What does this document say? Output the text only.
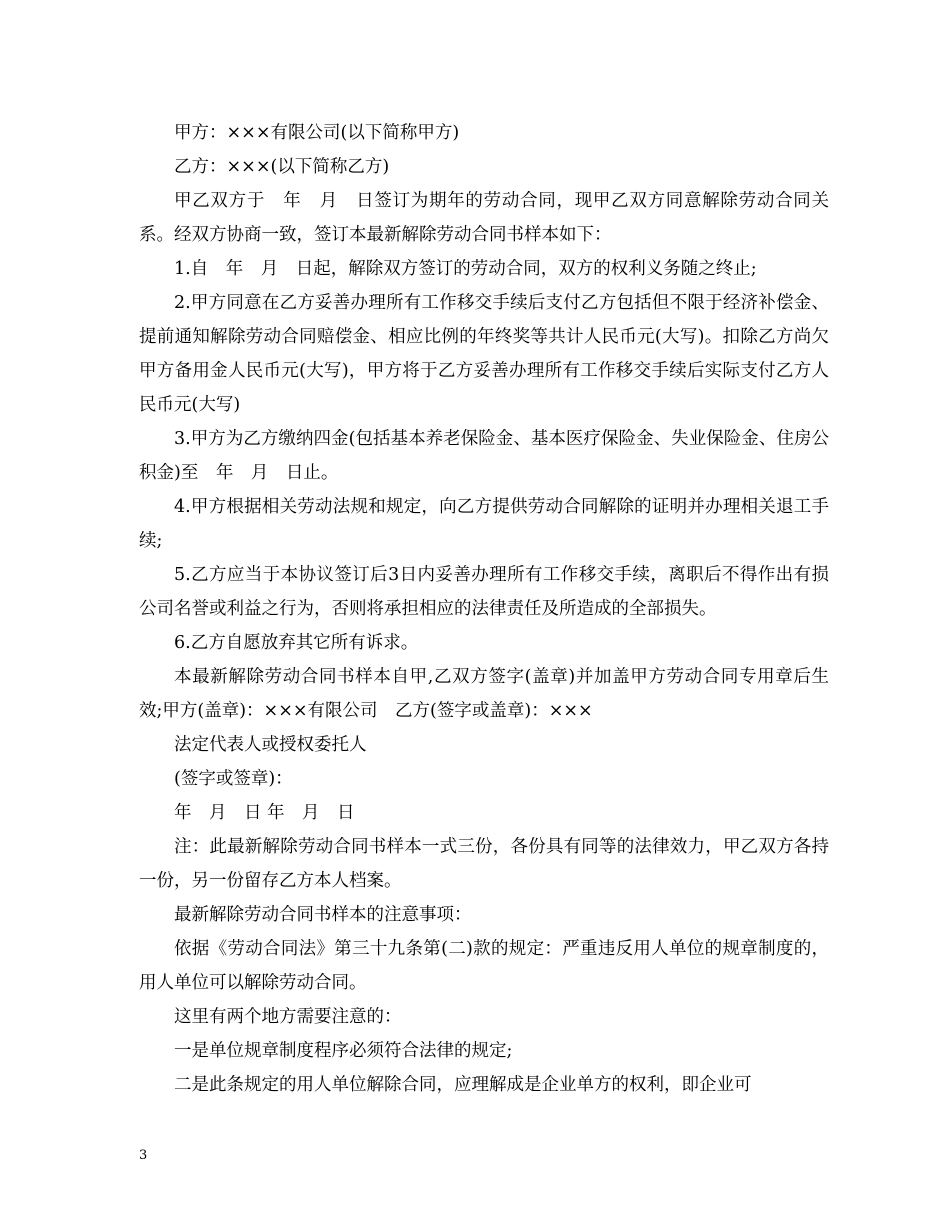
甲方：×××有限公司(以下简称甲方)

乙方：×××(以下简称乙方)

甲乙双方于　年　月　日签订为期年的劳动合同，现甲乙双方同意解除劳动合同关系。经双方协商一致，签订本最新解除劳动合同书样本如下：

1.自　年　月　日起，解除双方签订的劳动合同，双方的权利义务随之终止;

2.甲方同意在乙方妥善办理所有工作移交手续后支付乙方包括但不限于经济补偿金、提前通知解除劳动合同赔偿金、相应比例的年终奖等共计人民币元(大写)。扣除乙方尚欠甲方备用金人民币元(大写)，甲方将于乙方妥善办理所有工作移交手续后实际支付乙方人民币元(大写)

3.甲方为乙方缴纳四金(包括基本养老保险金、基本医疗保险金、失业保险金、住房公积金)至　年　月　日止。

4.甲方根据相关劳动法规和规定，向乙方提供劳动合同解除的证明并办理相关退工手续;

5.乙方应当于本协议签订后3日内妥善办理所有工作移交手续，离职后不得作出有损公司名誉或利益之行为，否则将承担相应的法律责任及所造成的全部损失。

6.乙方自愿放弃其它所有诉求。

本最新解除劳动合同书样本自甲,乙双方签字(盖章)并加盖甲方劳动合同专用章后生效;甲方(盖章)：×××有限公司　乙方(签字或盖章)：×××

法定代表人或授权委托人

(签字或签章)：

年　月　日 年　月　日

注：此最新解除劳动合同书样本一式三份，各份具有同等的法律效力，甲乙双方各持一份，另一份留存乙方本人档案。

最新解除劳动合同书样本的注意事项：

依据《劳动合同法》第三十九条第(二)款的规定：严重违反用人单位的规章制度的，用人单位可以解除劳动合同。

这里有两个地方需要注意的：

一是单位规章制度程序必须符合法律的规定;

二是此条规定的用人单位解除合同，应理解成是企业单方的权利，即企业可

3
